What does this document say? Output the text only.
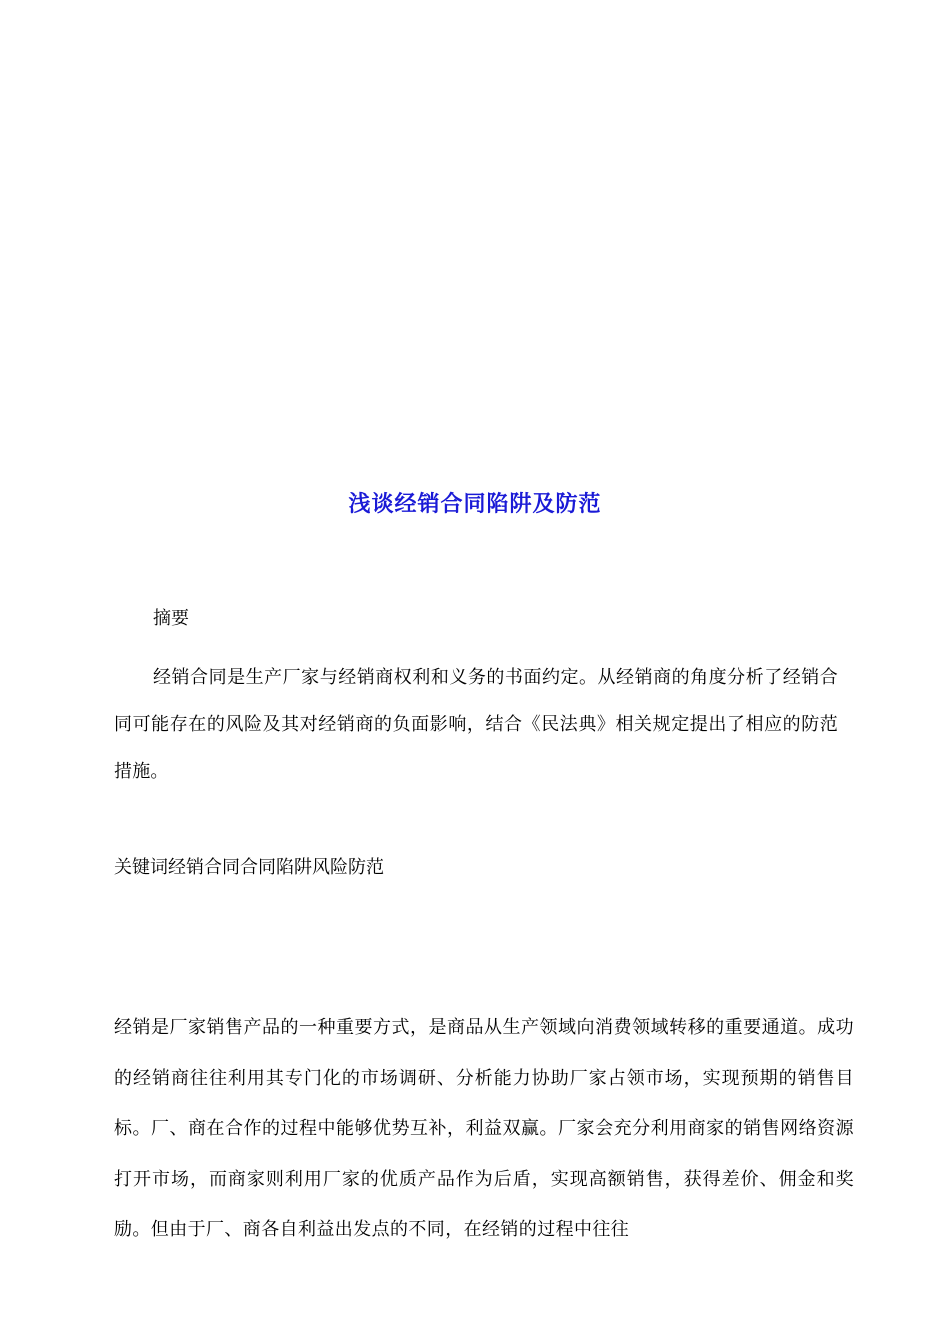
浅谈经销合同陷阱及防范

摘要

经销合同是生产厂家与经销商权利和义务的书面约定。从经销商的角度分析了经销合同可能存在的风险及其对经销商的负面影响，结合《民法典》相关规定提出了相应的防范措施。

关键词经销合同合同陷阱风险防范

经销是厂家销售产品的一种重要方式，是商品从生产领域向消费领域转移的重要通道。成功的经销商往往利用其专门化的市场调研、分析能力协助厂家占领市场，实现预期的销售目标。厂、商在合作的过程中能够优势互补，利益双赢。厂家会充分利用商家的销售网络资源打开市场，而商家则利用厂家的优质产品作为后盾，实现高额销售，获得差价、佣金和奖励。但由于厂、商各自利益出发点的不同，在经销的过程中往往
